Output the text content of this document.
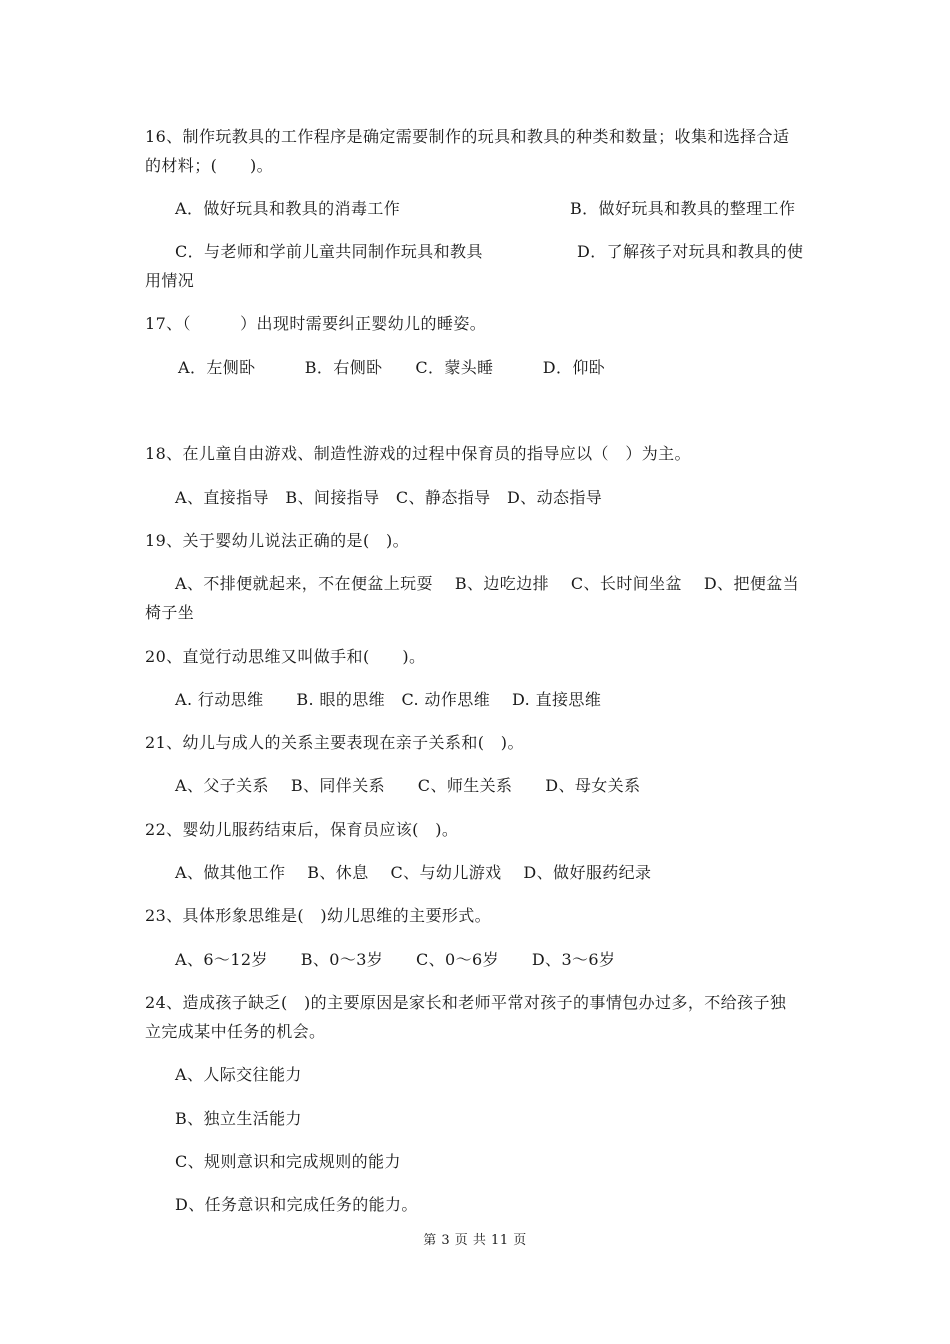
16、制作玩教具的工作程序是确定需要制作的玩具和教具的种类和数量；收集和选择合适
的材料；(　　)。
A．做好玩具和教具的消毒工作	B．做好玩具和教具的整理工作
C．与老师和学前儿童共同制作玩具和教具	D．了解孩子对玩具和教具的使
用情况
17、（　　　）出现时需要纠正婴幼儿的睡姿。
A．左侧卧　　　B．右侧卧　　C．蒙头睡　　　D．仰卧
18、在儿童自由游戏、制造性游戏的过程中保育员的指导应以（　）为主。
A、直接指导　B、间接指导　C、静态指导　D、动态指导
19、关于婴幼儿说法正确的是(　)。
A、不排便就起来，不在便盆上玩耍　 B、边吃边排　 C、长时间坐盆　 D、把便盆当
椅子坐
20、直觉行动思维又叫做手和(　　)。
A. 行动思维　　B. 眼的思维　C. 动作思维　 D. 直接思维
21、幼儿与成人的关系主要表现在亲子关系和(　)。
A、父子关系　 B、同伴关系　　C、师生关系　　D、母女关系
22、婴幼儿服药结束后，保育员应该(　)。
A、做其他工作　 B、休息　 C、与幼儿游戏　 D、做好服药纪录
23、具体形象思维是(　)幼儿思维的主要形式。
A、6～12岁　　B、0～3岁　　C、0～6岁　　D、3～6岁
24、造成孩子缺乏(　)的主要原因是家长和老师平常对孩子的事情包办过多，不给孩子独
立完成某中任务的机会。
A、人际交往能力
B、独立生活能力
C、规则意识和完成规则的能力
D、任务意识和完成任务的能力。
第 3 页 共 11 页
